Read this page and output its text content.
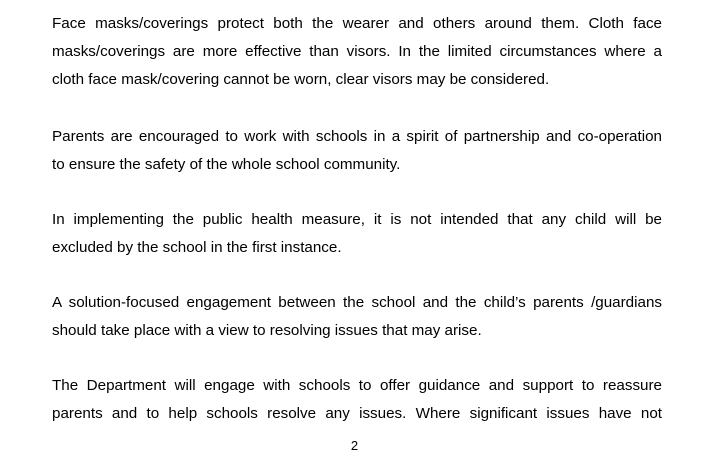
Face masks/coverings protect both the wearer and others around them. Cloth face
masks/coverings are more effective than visors. In the limited circumstances where a
cloth face mask/covering cannot be worn, clear visors may be considered.

Parents are encouraged to work with schools in a spirit of partnership and co-operation
to ensure the safety of the whole school community.

In implementing the public health measure, it is not intended that any child will be
excluded by the school in the first instance.

A solution-focused engagement between the school and the child’s parents /guardians
should take place with a view to resolving issues that may arise.

The Department will engage with schools to offer guidance and support to reassure
parents and to help schools resolve any issues. Where significant issues have not

2
